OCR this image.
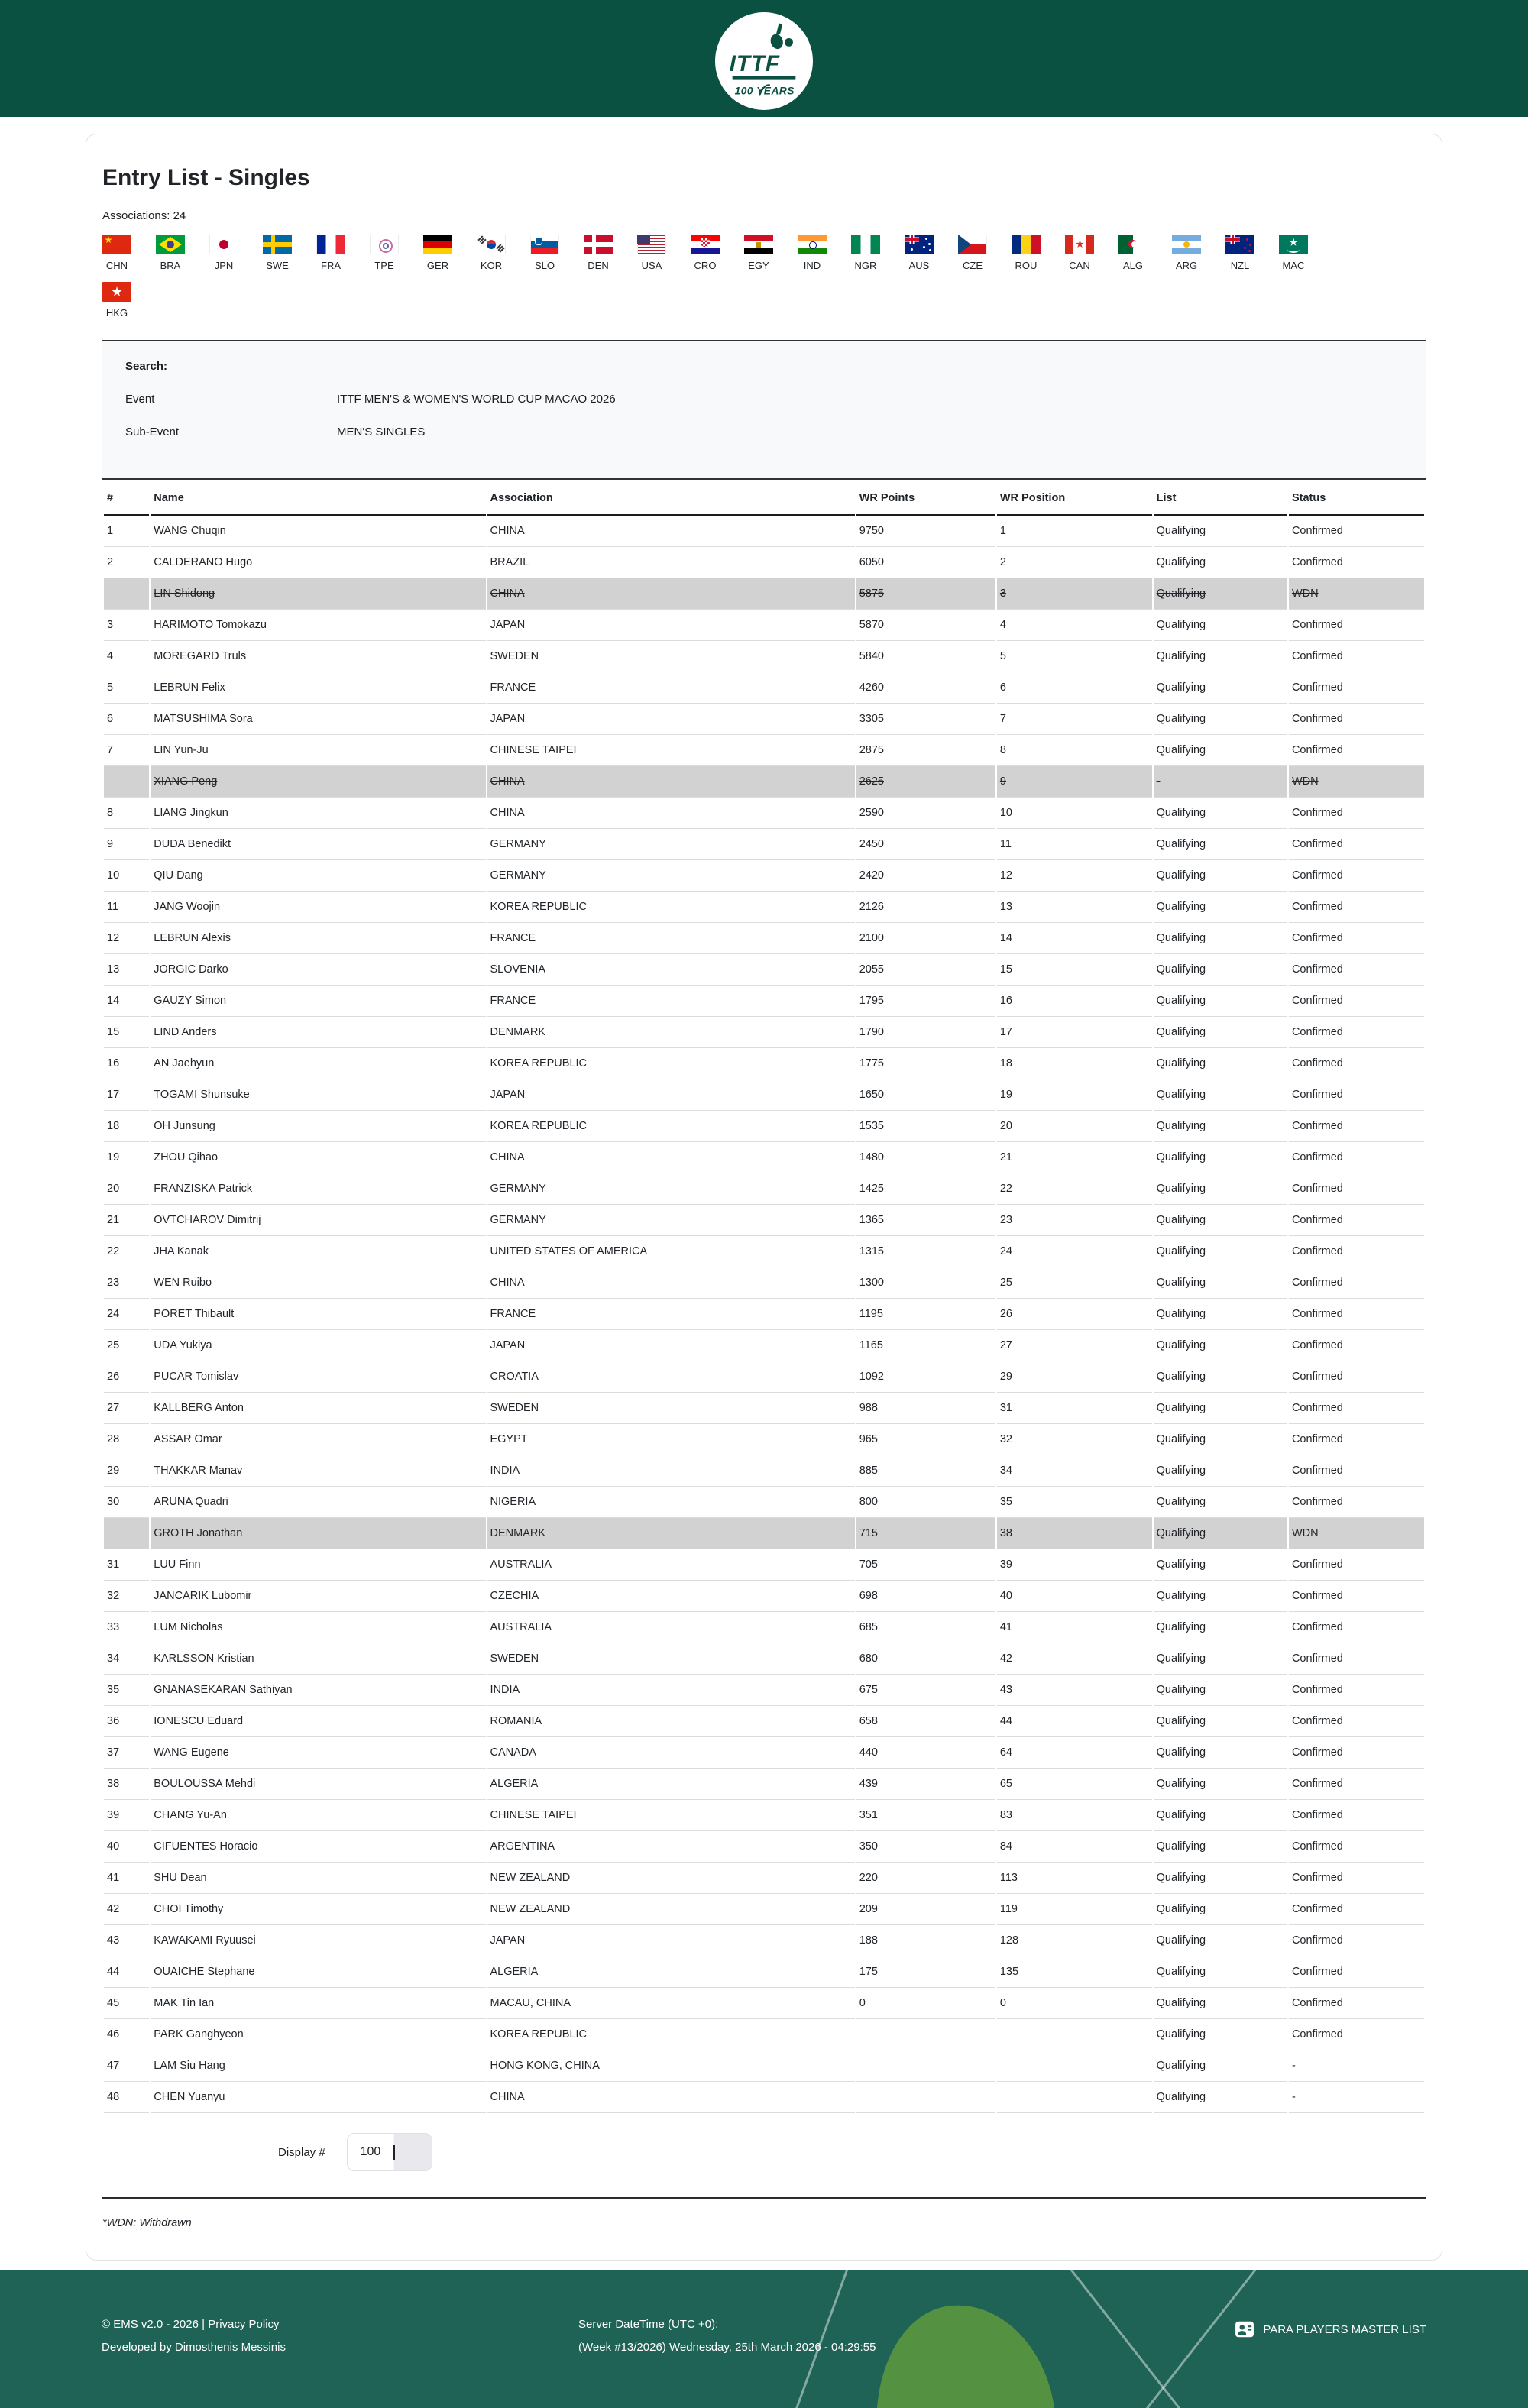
ITTF
100 YEARS
Entry List - Singles
Associations: 24
CHN	BRA	JPN	SWE	FRA	TPE	GER	KOR	SLO	DEN	USA	CRO	EGY	IND	NGR	AUS	CZE	ROU	CAN	ALG	ARG	NZL	MAC
HKG
Search:
Event	ITTF MEN'S & WOMEN'S WORLD CUP MACAO 2026
Sub-Event	MEN'S SINGLES
#	Name	Association	WR Points	WR Position	List	Status
1	WANG Chuqin	CHINA	9750	1	Qualifying	Confirmed
2	CALDERANO Hugo	BRAZIL	6050	2	Qualifying	Confirmed
	LIN Shidong	CHINA	5875	3	Qualifying	WDN
3	HARIMOTO Tomokazu	JAPAN	5870	4	Qualifying	Confirmed
4	MOREGARD Truls	SWEDEN	5840	5	Qualifying	Confirmed
5	LEBRUN Felix	FRANCE	4260	6	Qualifying	Confirmed
6	MATSUSHIMA Sora	JAPAN	3305	7	Qualifying	Confirmed
7	LIN Yun-Ju	CHINESE TAIPEI	2875	8	Qualifying	Confirmed
	XIANG Peng	CHINA	2625	9	-	WDN
8	LIANG Jingkun	CHINA	2590	10	Qualifying	Confirmed
9	DUDA Benedikt	GERMANY	2450	11	Qualifying	Confirmed
10	QIU Dang	GERMANY	2420	12	Qualifying	Confirmed
11	JANG Woojin	KOREA REPUBLIC	2126	13	Qualifying	Confirmed
12	LEBRUN Alexis	FRANCE	2100	14	Qualifying	Confirmed
13	JORGIC Darko	SLOVENIA	2055	15	Qualifying	Confirmed
14	GAUZY Simon	FRANCE	1795	16	Qualifying	Confirmed
15	LIND Anders	DENMARK	1790	17	Qualifying	Confirmed
16	AN Jaehyun	KOREA REPUBLIC	1775	18	Qualifying	Confirmed
17	TOGAMI Shunsuke	JAPAN	1650	19	Qualifying	Confirmed
18	OH Junsung	KOREA REPUBLIC	1535	20	Qualifying	Confirmed
19	ZHOU Qihao	CHINA	1480	21	Qualifying	Confirmed
20	FRANZISKA Patrick	GERMANY	1425	22	Qualifying	Confirmed
21	OVTCHAROV Dimitrij	GERMANY	1365	23	Qualifying	Confirmed
22	JHA Kanak	UNITED STATES OF AMERICA	1315	24	Qualifying	Confirmed
23	WEN Ruibo	CHINA	1300	25	Qualifying	Confirmed
24	PORET Thibault	FRANCE	1195	26	Qualifying	Confirmed
25	UDA Yukiya	JAPAN	1165	27	Qualifying	Confirmed
26	PUCAR Tomislav	CROATIA	1092	29	Qualifying	Confirmed
27	KALLBERG Anton	SWEDEN	988	31	Qualifying	Confirmed
28	ASSAR Omar	EGYPT	965	32	Qualifying	Confirmed
29	THAKKAR Manav	INDIA	885	34	Qualifying	Confirmed
30	ARUNA Quadri	NIGERIA	800	35	Qualifying	Confirmed
	GROTH Jonathan	DENMARK	715	38	Qualifying	WDN
31	LUU Finn	AUSTRALIA	705	39	Qualifying	Confirmed
32	JANCARIK Lubomir	CZECHIA	698	40	Qualifying	Confirmed
33	LUM Nicholas	AUSTRALIA	685	41	Qualifying	Confirmed
34	KARLSSON Kristian	SWEDEN	680	42	Qualifying	Confirmed
35	GNANASEKARAN Sathiyan	INDIA	675	43	Qualifying	Confirmed
36	IONESCU Eduard	ROMANIA	658	44	Qualifying	Confirmed
37	WANG Eugene	CANADA	440	64	Qualifying	Confirmed
38	BOULOUSSA Mehdi	ALGERIA	439	65	Qualifying	Confirmed
39	CHANG Yu-An	CHINESE TAIPEI	351	83	Qualifying	Confirmed
40	CIFUENTES Horacio	ARGENTINA	350	84	Qualifying	Confirmed
41	SHU Dean	NEW ZEALAND	220	113	Qualifying	Confirmed
42	CHOI Timothy	NEW ZEALAND	209	119	Qualifying	Confirmed
43	KAWAKAMI Ryuusei	JAPAN	188	128	Qualifying	Confirmed
44	OUAICHE Stephane	ALGERIA	175	135	Qualifying	Confirmed
45	MAK Tin Ian	MACAU, CHINA	0	0	Qualifying	Confirmed
46	PARK Ganghyeon	KOREA REPUBLIC			Qualifying	Confirmed
47	LAM Siu Hang	HONG KONG, CHINA			Qualifying	-
48	CHEN Yuanyu	CHINA			Qualifying	-
Display #	100
*WDN: Withdrawn
© EMS v2.0 - 2026 | Privacy Policy
Developed by Dimosthenis Messinis
Server DateTime (UTC +0):
(Week #13/2026) Wednesday, 25th March 2026 - 04:29:55
PARA PLAYERS MASTER LIST
